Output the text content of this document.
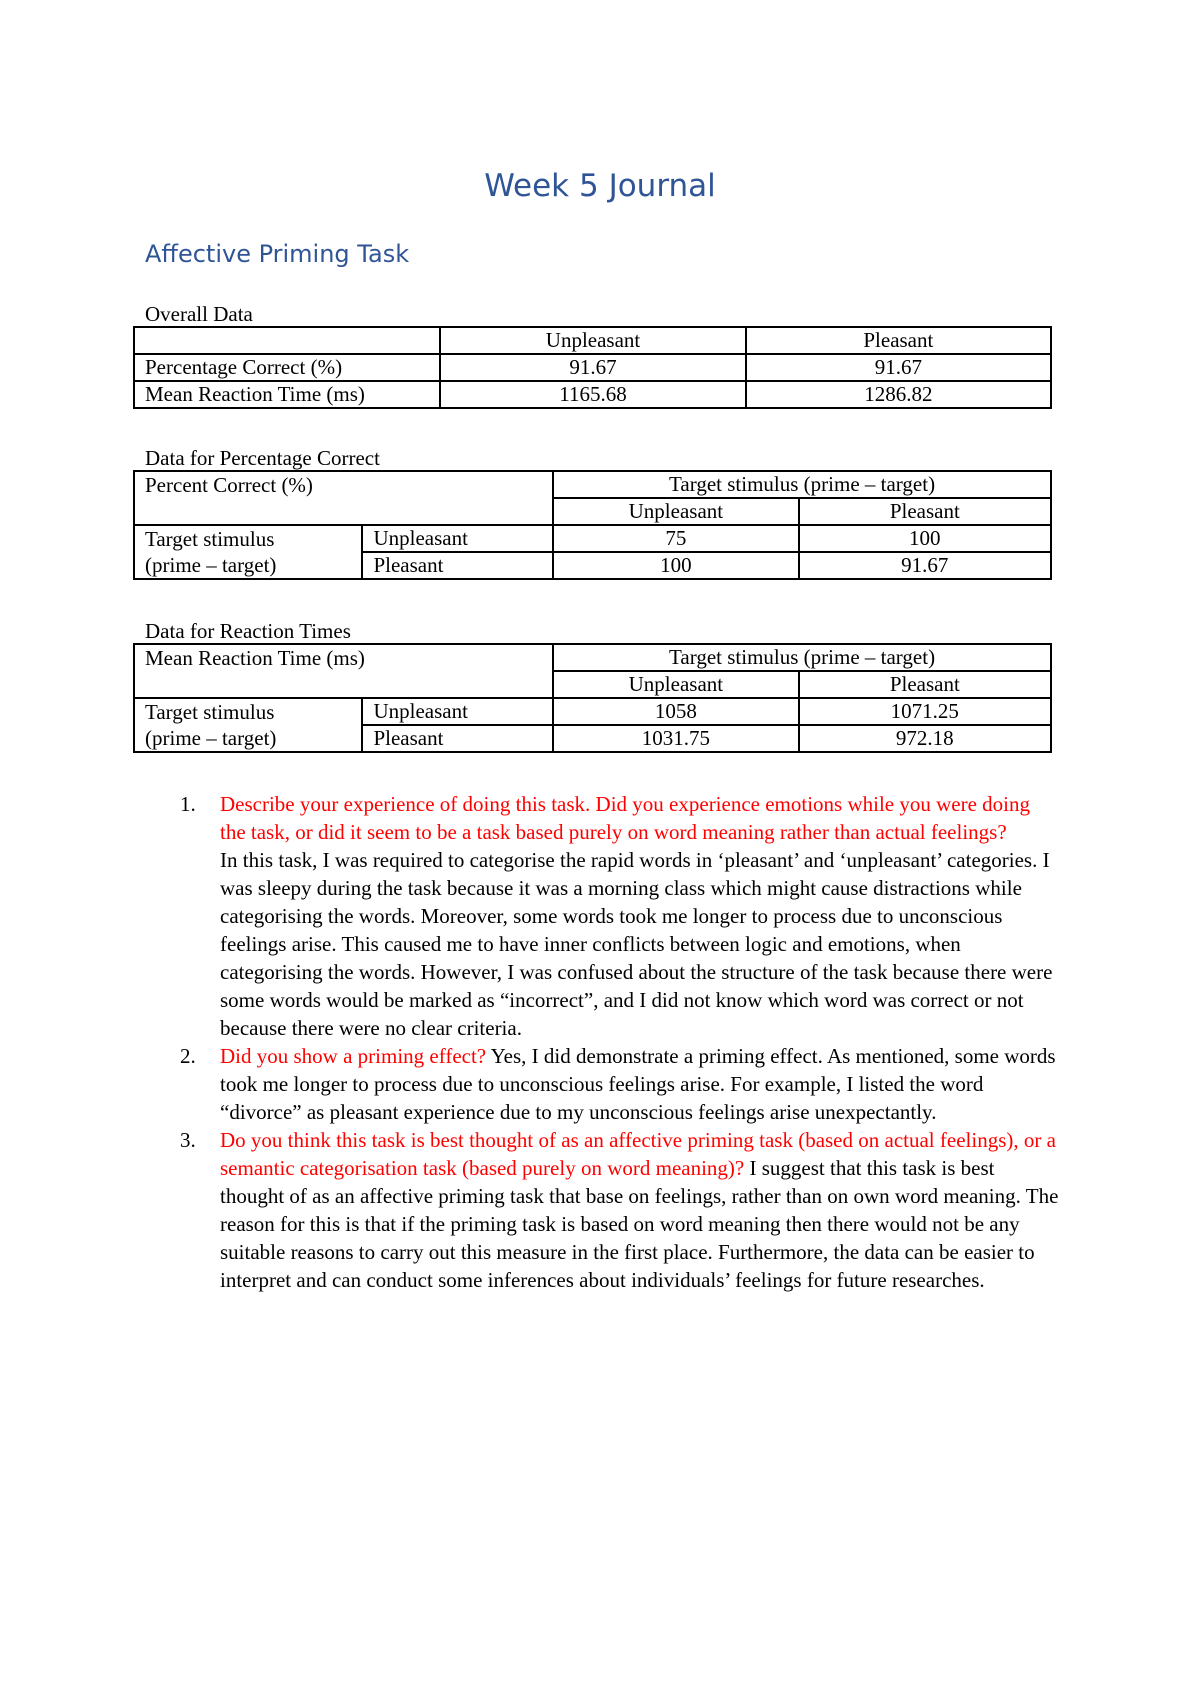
Week 5 Journal
Affective Priming Task

Overall Data

	Unpleasant	Pleasant
Percentage Correct (%)	91.67	91.67
Mean Reaction Time (ms)	1165.68	1286.82

Data for Percentage Correct

Percent Correct (%)		Target stimulus (prime – target)	
		Unpleasant	Pleasant

Target stimulus
(prime – target)	Unpleasant	75	100
	Pleasant	100	91.67

Data for Reaction Times

Mean Reaction Time (ms)		Target stimulus (prime – target)	
		Unpleasant	Pleasant

Target stimulus
(prime – target)	Unpleasant	1058	1071.25
	Pleasant	1031.75	972.18
1. Describe your experience of doing this task. Did you experience emotions while you were doing the task, or did it seem to be a task based purely on word meaning rather than actual feelings?
In this task, I was required to categorise the rapid words in ‘pleasant’ and ‘unpleasant’ categories. I was sleepy during the task because it was a morning class which might cause distractions while categorising the words. Moreover, some words took me longer to process due to unconscious feelings arise. This caused me to have inner conflicts between logic and emotions, when categorising the words. However, I was confused about the structure of the task because there were some words would be marked as “incorrect”, and I did not know which word was correct or not because there were no clear criteria.
2. Did you show a priming effect? Yes, I did demonstrate a priming effect. As mentioned, some words took me longer to process due to unconscious feelings arise. For example, I listed the word “divorce” as pleasant experience due to my unconscious feelings arise unexpectantly.
3. Do you think this task is best thought of as an affective priming task (based on actual feelings), or a semantic categorisation task (based purely on word meaning)? I suggest that this task is best thought of as an affective priming task that base on feelings, rather than on own word meaning. The reason for this is that if the priming task is based on word meaning then there would not be any suitable reasons to carry out this measure in the first place. Furthermore, the data can be easier to interpret and can conduct some inferences about individuals’ feelings for future researches.
